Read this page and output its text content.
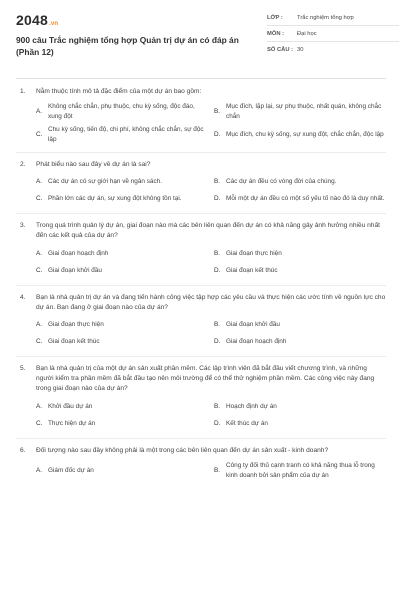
2048.vn
900 câu Trắc nghiệm tổng hợp Quản trị dự án có đáp án (Phần 12)
LỚP :	Trắc nghiệm tổng hợp
MÔN :	Đại học
SỐ CÂU : 30
1.	Nằm thuộc tính mô tả đặc điểm của một dự án bao gồm:
A.
Không chắc chắn, phụ thuộc, chu kỳ sống, độc đáo, xung đột
B.
Mục đích, lặp lại, sự phụ thuộc, nhất quán, không chắc chắn
C.
Chu kỳ sống, tiến độ, chi phí, không chắc chắn, sự độc lập
D. Mục đích, chu kỳ sống, sự xung đột, chắc chắn, độc lập
2.	Phát biểu nào sau đây về dự án là sai?
A. Các dự án có sự giới hạn về ngân sách.	B. Các dự án đều có vòng đời của chúng.
C. Phần lớn các dự án, sự xung đột không tồn tại.	D. Mỗi một dự án đều có một số yếu tố nào đó là duy nhất.
3.	Trong quá trình quản lý dự án, giai đoạn nào mà các bên liên quan đến dự án có khả năng gây ảnh hưởng nhiều nhất đến các kết quả của dự án?
A. Giai đoạn hoạch định	B. Giai đoạn thực hiện
C. Giai đoạn khởi đầu	D. Giai đoạn kết thúc
4.	Bạn là nhà quản trị dự án và đang tiến hành công việc tập hợp các yêu cầu và thực hiện các ước tính về nguồn lực cho dự án. Bạn đang ở giai đoạn nào của dự án?
A. Giai đoạn thực hiện	B. Giai đoạn khởi đầu
C. Giai đoạn kết thúc	D. Giai đoạn hoạch định
5.	Bạn là nhà quản trị của một dự án sản xuất phần mềm. Các lập trình viên đã bắt đầu viết chương trình, và những người kiểm tra phần mềm đã bắt đầu tạo nên môi trường để có thể thử nghiệm phần mềm. Các công việc này đang trong giai đoạn nào của dự án?
A. Khởi đầu dự án	B. Hoạch định dự án
C. Thực hiện dự án	D. Kết thúc dự án
6.	Đối tượng nào sau đây không phải là một trong các bên liên quan đến dự án sản xuất - kinh doanh?
A. Giám đốc dự án	B.
Công ty đối thủ cạnh tranh có khả năng thua lỗ trong kinh doanh bởi sản phẩm của dự án
